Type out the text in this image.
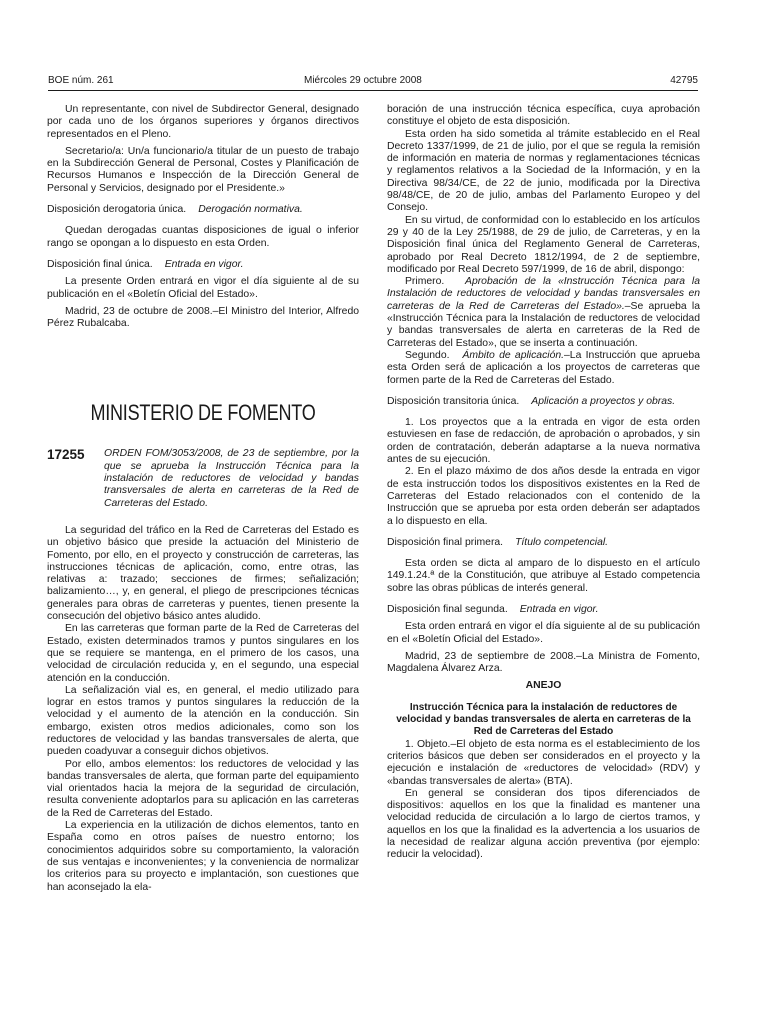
BOE núm. 261	Miércoles 29 octubre 2008	42795

Un representante, con nivel de Subdirector General, designado por cada uno de los órganos superiores y órganos directivos representados en el Pleno.

Secretario/a: Un/a funcionario/a titular de un puesto de trabajo en la Subdirección General de Personal, Costes y Planificación de Recursos Humanos e Inspección de la Dirección General de Personal y Servicios, designado por el Presidente.»

Disposición derogatoria única. Derogación normativa.

Quedan derogadas cuantas disposiciones de igual o inferior rango se opongan a lo dispuesto en esta Orden.

Disposición final única. Entrada en vigor.

La presente Orden entrará en vigor el día siguiente al de su publicación en el «Boletín Oficial del Estado».

Madrid, 23 de octubre de 2008.–El Ministro del Interior, Alfredo Pérez Rubalcaba.

MINISTERIO DE FOMENTO

17255 ORDEN FOM/3053/2008, de 23 de septiembre, por la que se aprueba la Instrucción Técnica para la instalación de reductores de velocidad y bandas transversales de alerta en carreteras de la Red de Carreteras del Estado.

La seguridad del tráfico en la Red de Carreteras del Estado es un objetivo básico que preside la actuación del Ministerio de Fomento, por ello, en el proyecto y construcción de carreteras, las instrucciones técnicas de aplicación, como, entre otras, las relativas a: trazado; secciones de firmes; señalización; balizamiento…, y, en general, el pliego de prescripciones técnicas generales para obras de carreteras y puentes, tienen presente la consecución del objetivo básico antes aludido.

En las carreteras que forman parte de la Red de Carreteras del Estado, existen determinados tramos y puntos singulares en los que se requiere se mantenga, en el primero de los casos, una velocidad de circulación reducida y, en el segundo, una especial atención en la conducción.

La señalización vial es, en general, el medio utilizado para lograr en estos tramos y puntos singulares la reducción de la velocidad y el aumento de la atención en la conducción. Sin embargo, existen otros medios adicionales, como son los reductores de velocidad y las bandas transversales de alerta, que pueden coadyuvar a conseguir dichos objetivos.

Por ello, ambos elementos: los reductores de velocidad y las bandas transversales de alerta, que forman parte del equipamiento vial orientados hacia la mejora de la seguridad de circulación, resulta conveniente adoptarlos para su aplicación en las carreteras de la Red de Carreteras del Estado.

La experiencia en la utilización de dichos elementos, tanto en España como en otros países de nuestro entorno; los conocimientos adquiridos sobre su comportamiento, la valoración de sus ventajas e inconvenientes; y la conveniencia de normalizar los criterios para su proyecto e implantación, son cuestiones que han aconsejado la ela-

boración de una instrucción técnica específica, cuya aprobación constituye el objeto de esta disposición.

Esta orden ha sido sometida al trámite establecido en el Real Decreto 1337/1999, de 21 de julio, por el que se regula la remisión de información en materia de normas y reglamentaciones técnicas y reglamentos relativos a la Sociedad de la Información, y en la Directiva 98/34/CE, de 22 de junio, modificada por la Directiva 98/48/CE, de 20 de julio, ambas del Parlamento Europeo y del Consejo.

En su virtud, de conformidad con lo establecido en los artículos 29 y 40 de la Ley 25/1988, de 29 de julio, de Carreteras, y en la Disposición final única del Reglamento General de Carreteras, aprobado por Real Decreto 1812/1994, de 2 de septiembre, modificado por Real Decreto 597/1999, de 16 de abril, dispongo:

Primero. Aprobación de la «Instrucción Técnica para la Instalación de reductores de velocidad y bandas transversales en carreteras de la Red de Carreteras del Estado».–Se aprueba la «Instrucción Técnica para la Instalación de reductores de velocidad y bandas transversales de alerta en carreteras de la Red de Carreteras del Estado», que se inserta a continuación.

Segundo. Ámbito de aplicación.–La Instrucción que aprueba esta Orden será de aplicación a los proyectos de carreteras que formen parte de la Red de Carreteras del Estado.

Disposición transitoria única. Aplicación a proyectos y obras.

1. Los proyectos que a la entrada en vigor de esta orden estuviesen en fase de redacción, de aprobación o aprobados, y sin orden de contratación, deberán adaptarse a la nueva normativa antes de su ejecución.

2. En el plazo máximo de dos años desde la entrada en vigor de esta instrucción todos los dispositivos existentes en la Red de Carreteras del Estado relacionados con el contenido de la Instrucción que se aprueba por esta orden deberán ser adaptados a lo dispuesto en ella.

Disposición final primera. Título competencial.

Esta orden se dicta al amparo de lo dispuesto en el artículo 149.1.24.ª de la Constitución, que atribuye al Estado competencia sobre las obras públicas de interés general.

Disposición final segunda. Entrada en vigor.

Esta orden entrará en vigor el día siguiente al de su publicación en el «Boletín Oficial del Estado».

Madrid, 23 de septiembre de 2008.–La Ministra de Fomento, Magdalena Álvarez Arza.

ANEJO

Instrucción Técnica para la instalación de reductores de velocidad y bandas transversales de alerta en carreteras de la Red de Carreteras del Estado

1. Objeto.–El objeto de esta norma es el establecimiento de los criterios básicos que deben ser considerados en el proyecto y la ejecución e instalación de «reductores de velocidad» (RDV) y «bandas transversales de alerta» (BTA).

En general se consideran dos tipos diferenciados de dispositivos: aquellos en los que la finalidad es mantener una velocidad reducida de circulación a lo largo de ciertos tramos, y aquellos en los que la finalidad es la advertencia a los usuarios de la necesidad de realizar alguna acción preventiva (por ejemplo: reducir la velocidad).
